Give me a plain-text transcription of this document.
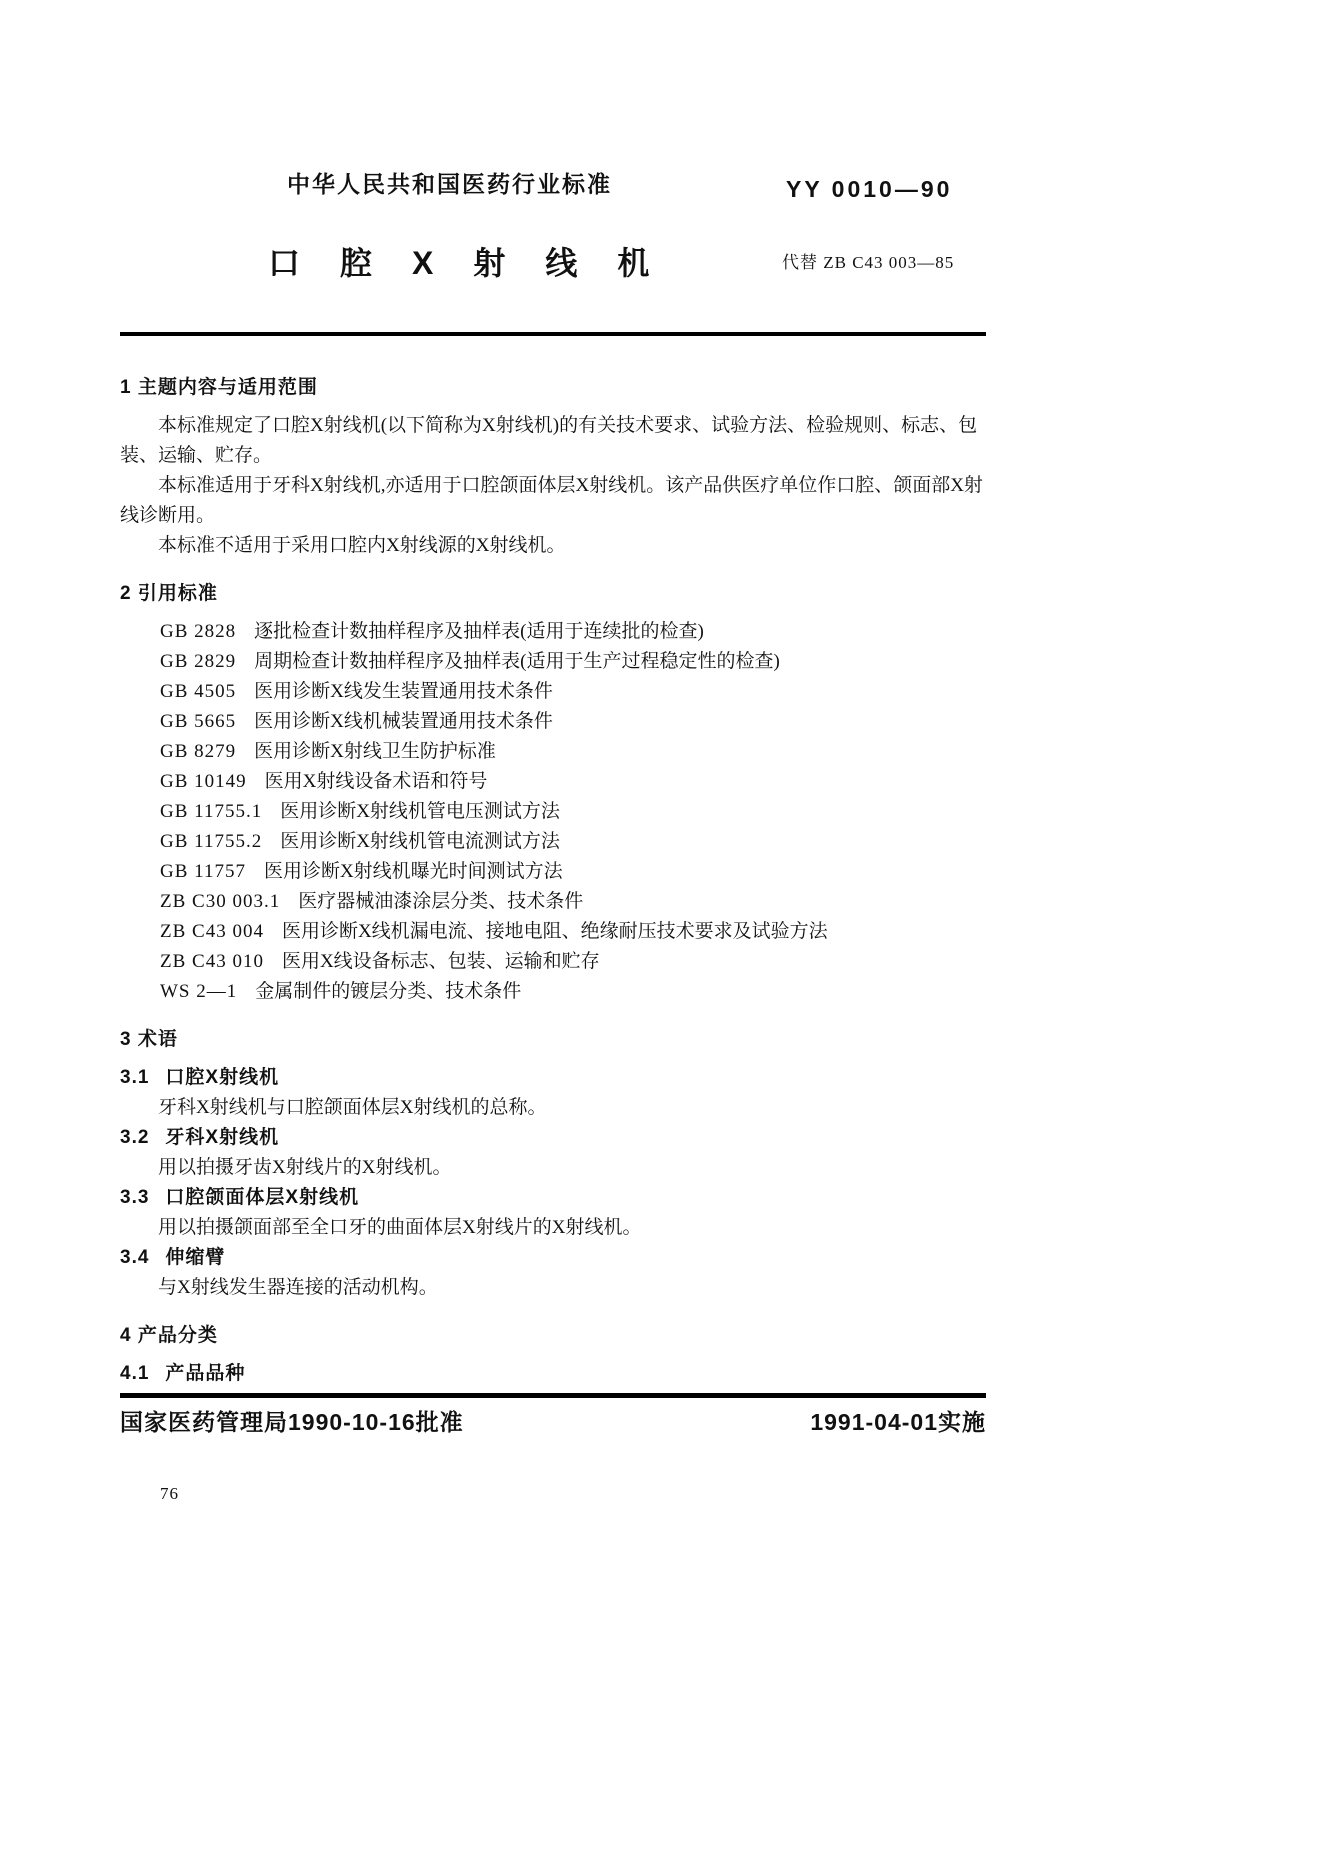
中华人民共和国医药行业标准	YY 0010—90
口腔X射线机	代替 ZB C43 003—85
1 主题内容与适用范围

本标准规定了口腔X射线机(以下简称为X射线机)的有关技术要求、试验方法、检验规则、标志、包装、运输、贮存。

本标准适用于牙科X射线机,亦适用于口腔颌面体层X射线机。该产品供医疗单位作口腔、颌面部X射线诊断用。

本标准不适用于采用口腔内X射线源的X射线机。

2 引用标准
GB 2828 逐批检查计数抽样程序及抽样表(适用于连续批的检查)
GB 2829 周期检查计数抽样程序及抽样表(适用于生产过程稳定性的检查)
GB 4505 医用诊断X线发生装置通用技术条件
GB 5665 医用诊断X线机械装置通用技术条件
GB 8279 医用诊断X射线卫生防护标准
GB 10149 医用X射线设备术语和符号
GB 11755.1 医用诊断X射线机管电压测试方法
GB 11755.2 医用诊断X射线机管电流测试方法
GB 11757 医用诊断X射线机曝光时间测试方法
ZB C30 003.1 医疗器械油漆涂层分类、技术条件
ZB C43 004 医用诊断X线机漏电流、接地电阻、绝缘耐压技术要求及试验方法
ZB C43 010 医用X线设备标志、包装、运输和贮存
WS 2—1 金属制件的镀层分类、技术条件
3 术语
3.1 口腔X射线机

牙科X射线机与口腔颌面体层X射线机的总称。

3.2 牙科X射线机

用以拍摄牙齿X射线片的X射线机。

3.3 口腔颌面体层X射线机

用以拍摄颌面部至全口牙的曲面体层X射线片的X射线机。

3.4 伸缩臂

与X射线发生器连接的活动机构。

4 产品分类
4.1 产品品种
国家医药管理局1990-10-16批准	1991-04-01实施
76
